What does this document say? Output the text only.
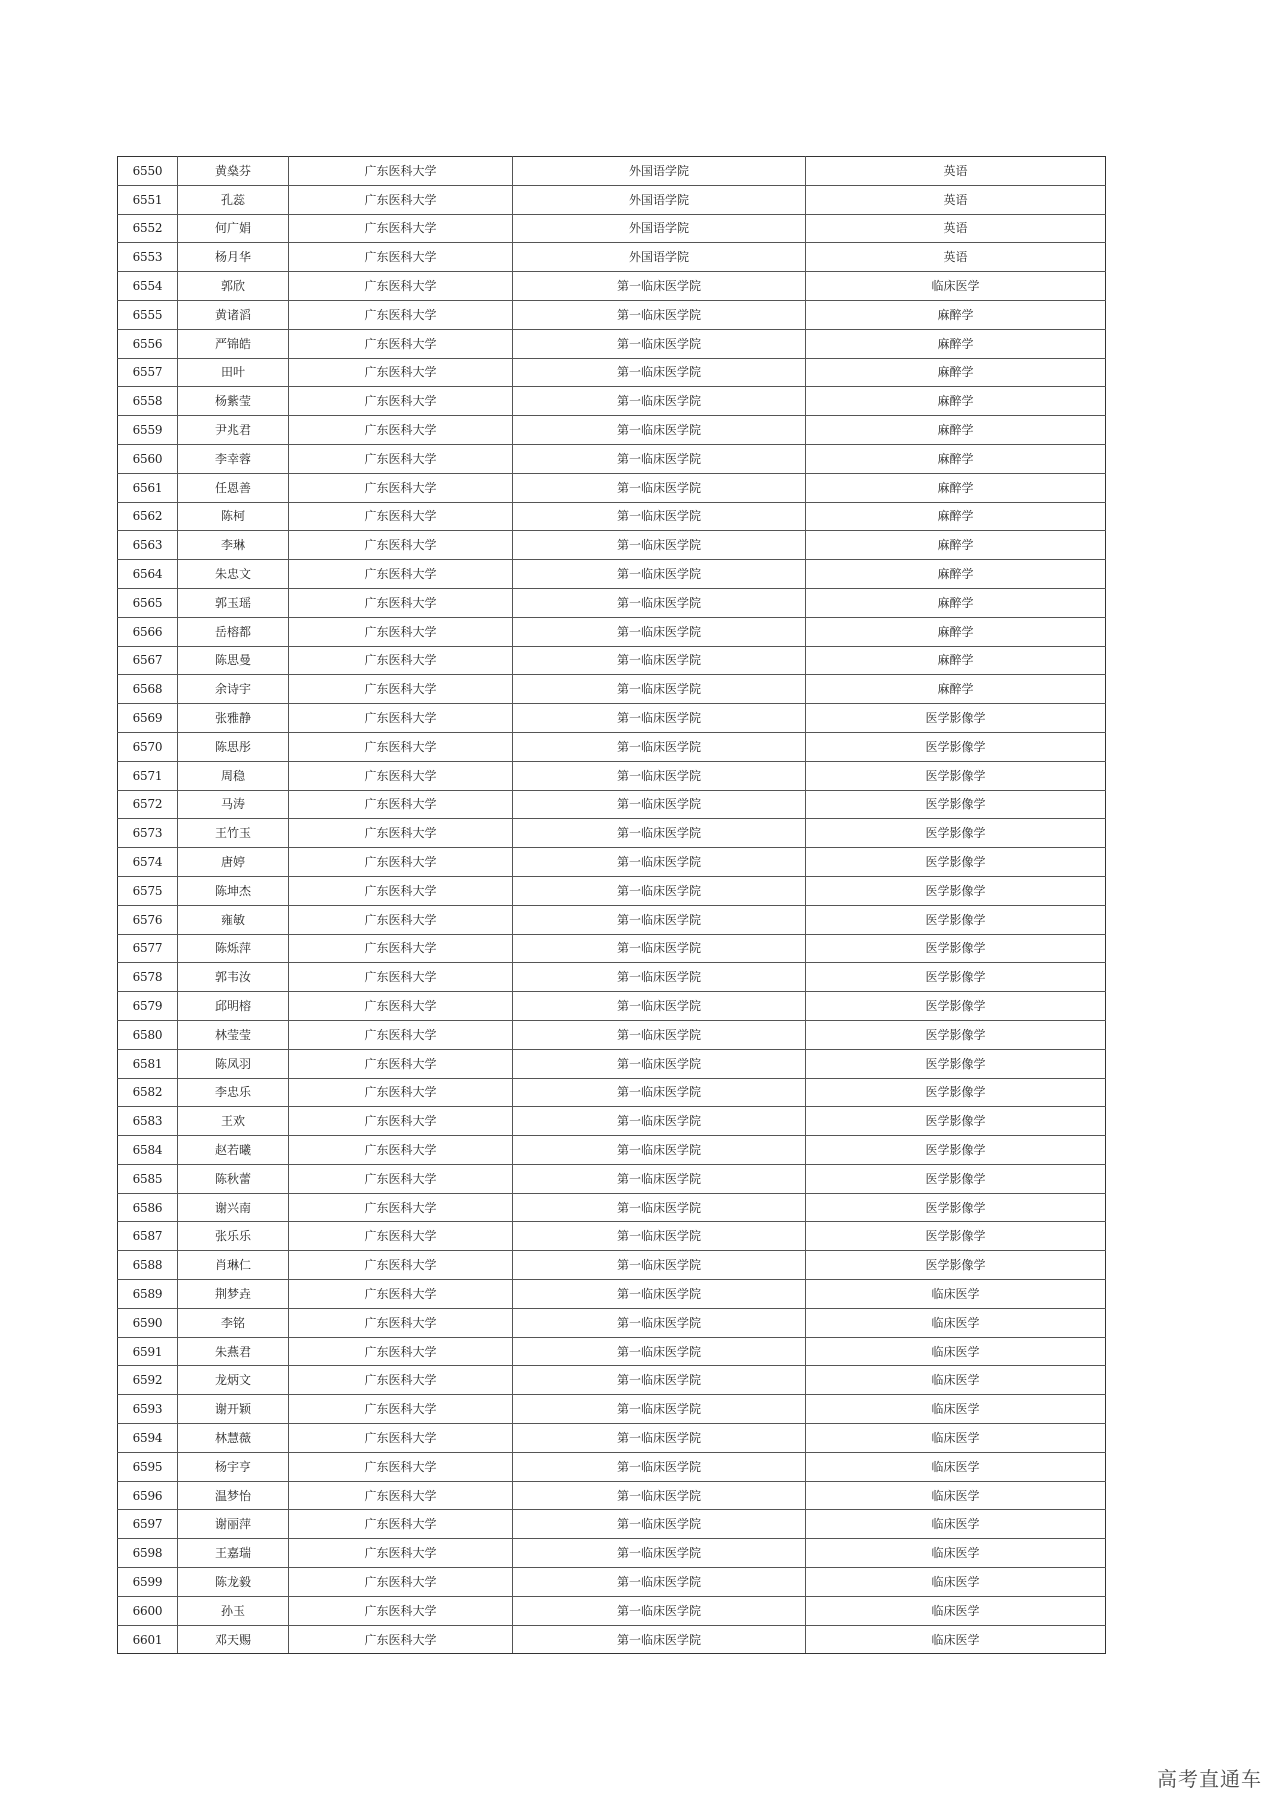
6550	黄燊芬	广东医科大学	外国语学院	英语
6551	孔蕊	广东医科大学	外国语学院	英语
6552	何广娟	广东医科大学	外国语学院	英语
6553	杨月华	广东医科大学	外国语学院	英语
6554	郭欣	广东医科大学	第一临床医学院	临床医学
6555	黄诸滔	广东医科大学	第一临床医学院	麻醉学
6556	严锦皓	广东医科大学	第一临床医学院	麻醉学
6557	田叶	广东医科大学	第一临床医学院	麻醉学
6558	杨紫莹	广东医科大学	第一临床医学院	麻醉学
6559	尹兆君	广东医科大学	第一临床医学院	麻醉学
6560	李幸蓉	广东医科大学	第一临床医学院	麻醉学
6561	任恩善	广东医科大学	第一临床医学院	麻醉学
6562	陈柯	广东医科大学	第一临床医学院	麻醉学
6563	李琳	广东医科大学	第一临床医学院	麻醉学
6564	朱忠文	广东医科大学	第一临床医学院	麻醉学
6565	郭玉瑶	广东医科大学	第一临床医学院	麻醉学
6566	岳榕都	广东医科大学	第一临床医学院	麻醉学
6567	陈思曼	广东医科大学	第一临床医学院	麻醉学
6568	余诗宇	广东医科大学	第一临床医学院	麻醉学
6569	张雅静	广东医科大学	第一临床医学院	医学影像学
6570	陈思彤	广东医科大学	第一临床医学院	医学影像学
6571	周稳	广东医科大学	第一临床医学院	医学影像学
6572	马涛	广东医科大学	第一临床医学院	医学影像学
6573	王竹玉	广东医科大学	第一临床医学院	医学影像学
6574	唐婷	广东医科大学	第一临床医学院	医学影像学
6575	陈坤杰	广东医科大学	第一临床医学院	医学影像学
6576	雍敏	广东医科大学	第一临床医学院	医学影像学
6577	陈烁萍	广东医科大学	第一临床医学院	医学影像学
6578	郭韦汝	广东医科大学	第一临床医学院	医学影像学
6579	邱明榕	广东医科大学	第一临床医学院	医学影像学
6580	林莹莹	广东医科大学	第一临床医学院	医学影像学
6581	陈凤羽	广东医科大学	第一临床医学院	医学影像学
6582	李忠乐	广东医科大学	第一临床医学院	医学影像学
6583	王欢	广东医科大学	第一临床医学院	医学影像学
6584	赵若曦	广东医科大学	第一临床医学院	医学影像学
6585	陈秋蕾	广东医科大学	第一临床医学院	医学影像学
6586	谢兴南	广东医科大学	第一临床医学院	医学影像学
6587	张乐乐	广东医科大学	第一临床医学院	医学影像学
6588	肖琳仁	广东医科大学	第一临床医学院	医学影像学
6589	荆梦垚	广东医科大学	第一临床医学院	临床医学
6590	李铭	广东医科大学	第一临床医学院	临床医学
6591	朱燕君	广东医科大学	第一临床医学院	临床医学
6592	龙炳文	广东医科大学	第一临床医学院	临床医学
6593	谢开颖	广东医科大学	第一临床医学院	临床医学
6594	林慧薇	广东医科大学	第一临床医学院	临床医学
6595	杨宇亨	广东医科大学	第一临床医学院	临床医学
6596	温梦怡	广东医科大学	第一临床医学院	临床医学
6597	谢丽萍	广东医科大学	第一临床医学院	临床医学
6598	王嘉瑞	广东医科大学	第一临床医学院	临床医学
6599	陈龙毅	广东医科大学	第一临床医学院	临床医学
6600	孙玉	广东医科大学	第一临床医学院	临床医学
6601	邓天赐	广东医科大学	第一临床医学院	临床医学
高考直通车
